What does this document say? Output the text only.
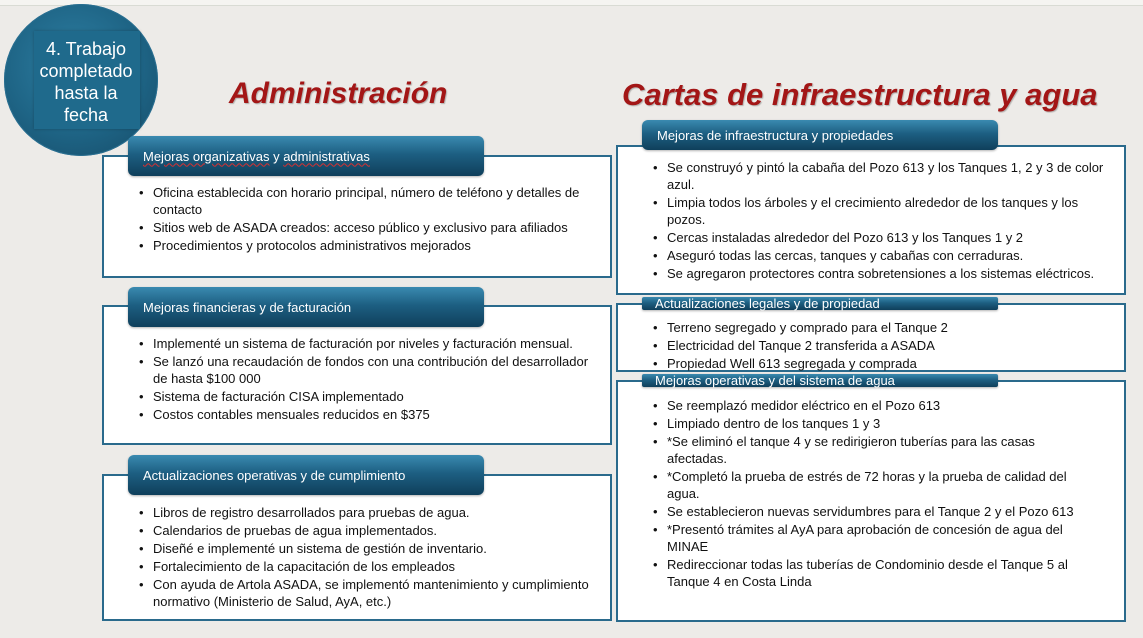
4. Trabajo completado hasta la fecha
Administración	Cartas de infraestructura y agua
Mejoras organizativas y administrativas
• Oficina establecida con horario principal, número de teléfono y detalles de contacto
• Sitios web de ASADA creados: acceso público y exclusivo para afiliados
• Procedimientos y protocolos administrativos mejorados
Mejoras financieras y de facturación
• Implementé un sistema de facturación por niveles y facturación mensual.
• Se lanzó una recaudación de fondos con una contribución del desarrollador de hasta $100 000
• Sistema de facturación CISA implementado
• Costos contables mensuales reducidos en $375
Actualizaciones operativas y de cumplimiento
• Libros de registro desarrollados para pruebas de agua.
• Calendarios de pruebas de agua implementados.
• Diseñé e implementé un sistema de gestión de inventario.
• Fortalecimiento de la capacitación de los empleados
• Con ayuda de Artola ASADA, se implementó mantenimiento y cumplimiento normativo (Ministerio de Salud, AyA, etc.)
Mejoras de infraestructura y propiedades
• Se construyó y pintó la cabaña del Pozo 613 y los Tanques 1, 2 y 3 de color azul.
• Limpia todos los árboles y el crecimiento alrededor de los tanques y los pozos.
• Cercas instaladas alrededor del Pozo 613 y los Tanques 1 y 2
• Aseguró todas las cercas, tanques y cabañas con cerraduras.
• Se agregaron protectores contra sobretensiones a los sistemas eléctricos.
Actualizaciones legales y de propiedad
• Terreno segregado y comprado para el Tanque 2
• Electricidad del Tanque 2 transferida a ASADA
• Propiedad Well 613 segregada y comprada
Mejoras operativas y del sistema de agua
• Se reemplazó medidor eléctrico en el Pozo 613
• Limpiado dentro de los tanques 1 y 3
• *Se eliminó el tanque 4 y se redirigieron tuberías para las casas afectadas.
• *Completó la prueba de estrés de 72 horas y la prueba de calidad del agua.
• Se establecieron nuevas servidumbres para el Tanque 2 y el Pozo 613
• *Presentó trámites al AyA para aprobación de concesión de agua del MINAE
• Redireccionar todas las tuberías de Condominio desde el Tanque 5 al Tanque 4 en Costa Linda
